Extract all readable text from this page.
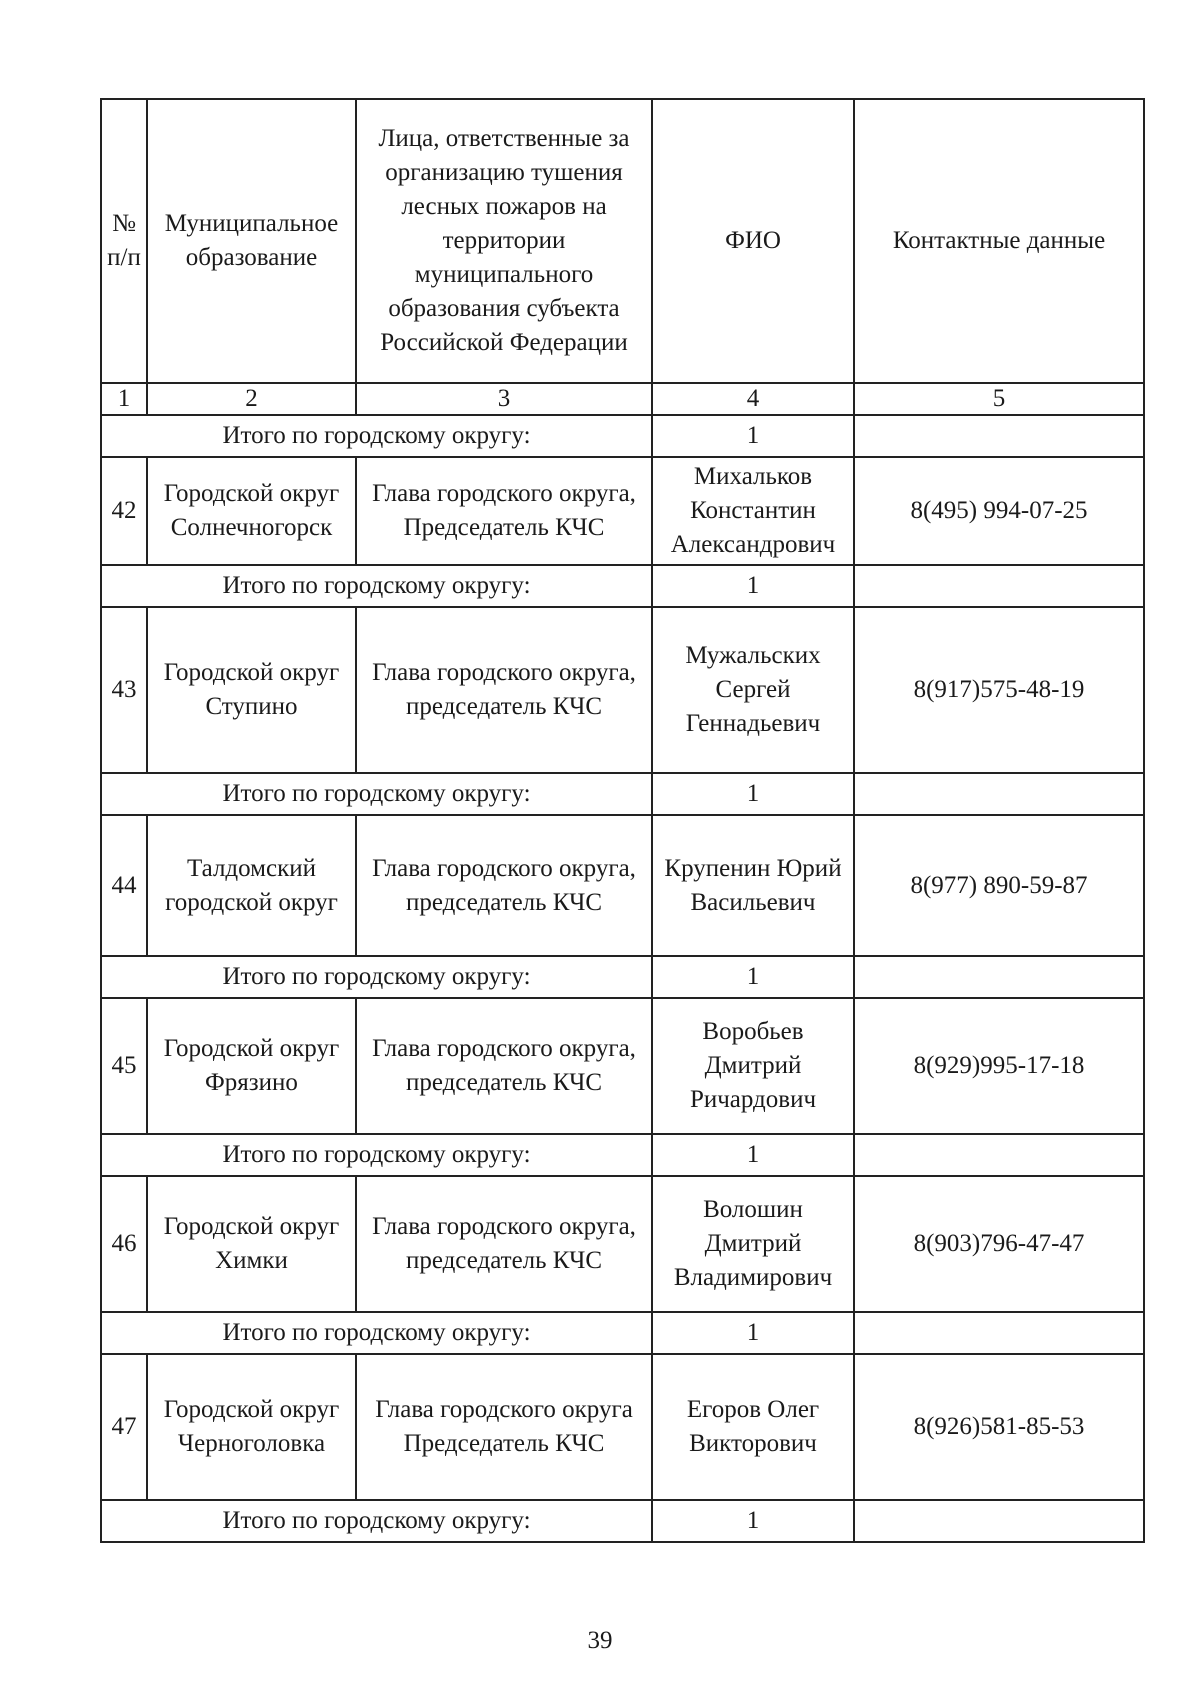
№ п/п	Муниципальное образование	Лица, ответственные за организацию тушения лесных пожаров на территории муниципального образования субъекта Российской Федерации	ФИО	Контактные данные
1	2	3	4	5
Итого по городскому округу:			1	
42	Городской округ Солнечногорск	Глава городского округа, Председатель КЧС	Михальков Константин Александрович	8(495) 994-07-25
Итого по городскому округу:			1	
43	Городской округ Ступино	Глава городского округа, председатель КЧС	Мужальских Сергей Геннадьевич	8(917)575-48-19
Итого по городскому округу:			1	
44	Талдомский городской округ	Глава городского округа, председатель КЧС	Крупенин Юрий Васильевич	8(977) 890-59-87
Итого по городскому округу:			1	
45	Городской округ Фрязино	Глава городского округа, председатель КЧС	Воробьев Дмитрий Ричардович	8(929)995-17-18
Итого по городскому округу:			1	
46	Городской округ Химки	Глава городского округа, председатель КЧС	Волошин Дмитрий Владимирович	8(903)796-47-47
Итого по городскому округу:			1	
47	Городской округ Черноголовка	Глава городского округа Председатель КЧС	Егоров Олег Викторович	8(926)581-85-53
Итого по городскому округу:			1	
39
